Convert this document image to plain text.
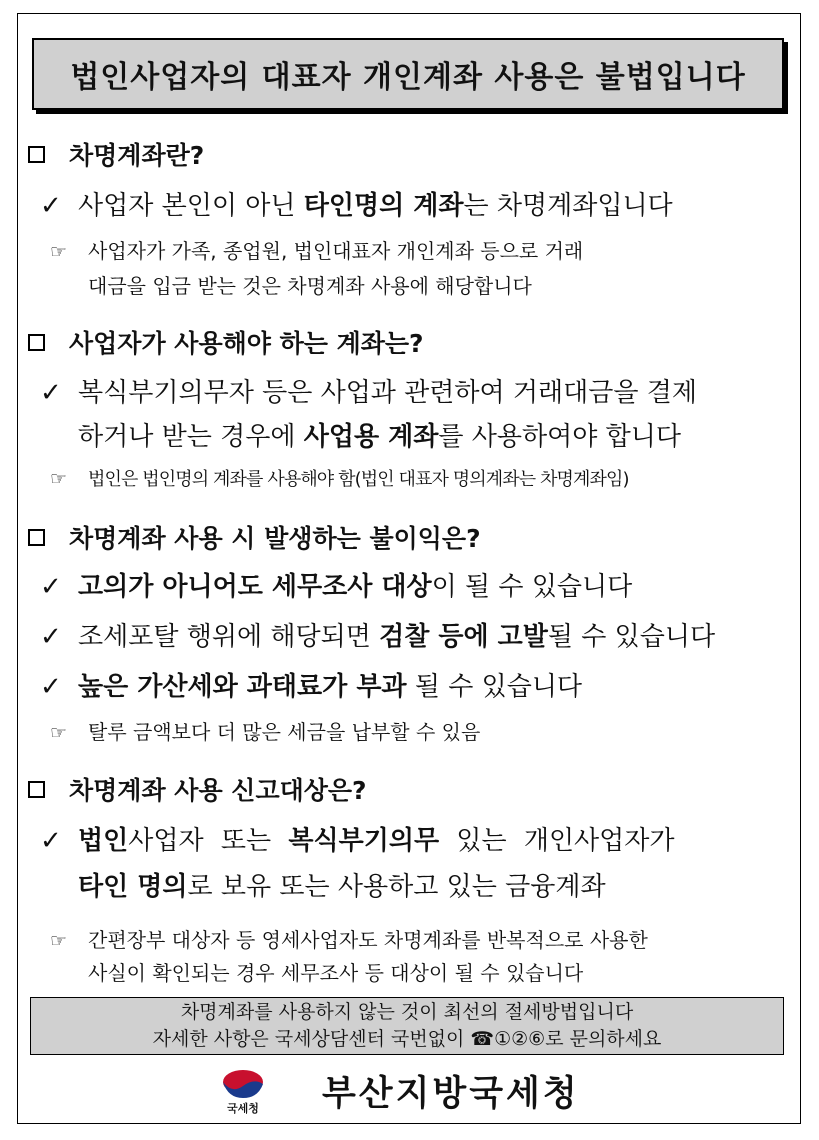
법인사업자의 대표자 개인계좌 사용은 불법입니다
차명계좌란?
✓ 사업자 본인이 아닌 타인명의 계좌는 차명계좌입니다
☞ 사업자가 가족, 종업원, 법인대표자 개인계좌 등으로 거래
대금을 입금 받는 것은 차명계좌 사용에 해당합니다
사업자가 사용해야 하는 계좌는?
✓ 복식부기의무자 등은 사업과 관련하여 거래대금을 결제
하거나 받는 경우에 사업용 계좌를 사용하여야 합니다
☞ 법인은 법인명의 계좌를 사용해야 함(법인 대표자 명의계좌는 차명계좌임)
차명계좌 사용 시 발생하는 불이익은?
✓ 고의가 아니어도 세무조사 대상이 될 수 있습니다
✓ 조세포탈 행위에 해당되면 검찰 등에 고발될 수 있습니다
✓ 높은 가산세와 과태료가 부과 될 수 있습니다
☞ 탈루 금액보다 더 많은 세금을 납부할 수 있음
차명계좌 사용 신고대상은?
✓ 법인사업자 또는 복식부기의무 있는 개인사업자가
타인 명의로 보유 또는 사용하고 있는 금융계좌
☞ 간편장부 대상자 등 영세사업자도 차명계좌를 반복적으로 사용한
사실이 확인되는 경우 세무조사 등 대상이 될 수 있습니다
차명계좌를 사용하지 않는 것이 최선의 절세방법입니다
자세한 사항은 국세상담센터 국번없이 ☎①②⑥로 문의하세요
국세청	부산지방국세청
